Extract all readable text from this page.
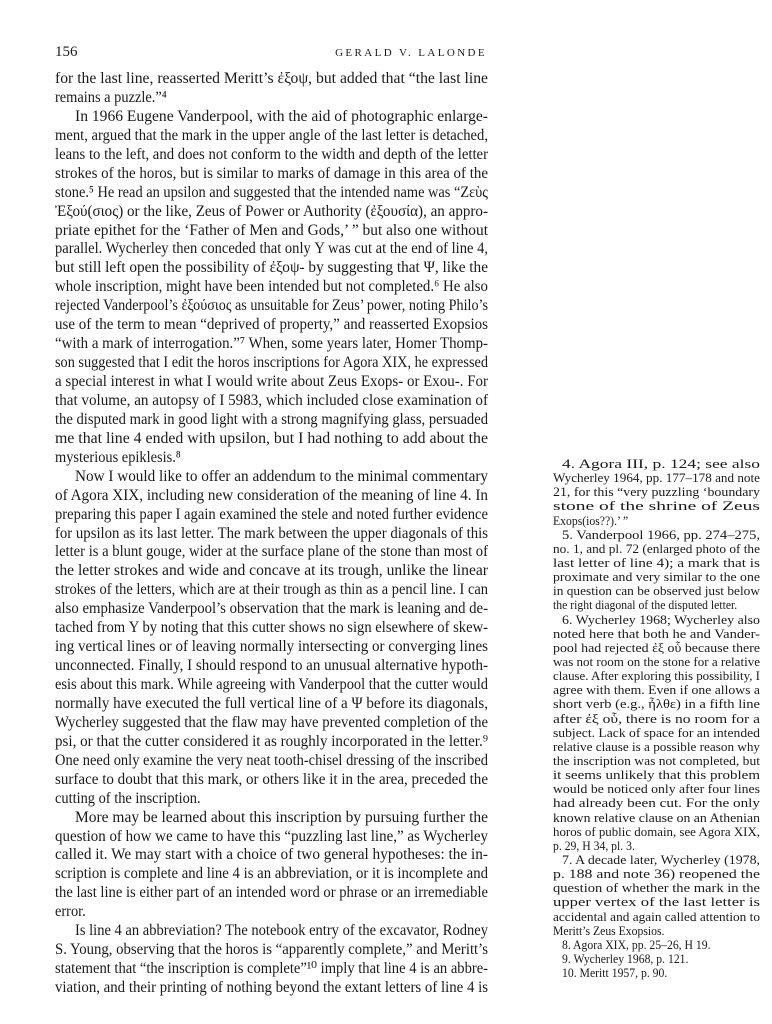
156	GERALD V. LALONDE
for the last line, reasserted Meritt’s ἐξοψ, but added that “the last line
remains a puzzle.”⁴
In 1966 Eugene Vanderpool, with the aid of photographic enlarge-
ment, argued that the mark in the upper angle of the last letter is detached,
leans to the left, and does not conform to the width and depth of the letter
strokes of the horos, but is similar to marks of damage in this area of the
stone.⁵ He read an upsilon and suggested that the intended name was “Ζεὺς
Ἐξού(σιος) or the like, Zeus of Power or Authority (ἐξουσία), an appro-
priate epithet for the ‘Father of Men and Gods,’ ” but also one without
parallel. Wycherley then conceded that only Υ was cut at the end of line 4,
but still left open the possibility of ἐξοψ- by suggesting that Ψ, like the
whole inscription, might have been intended but not completed.⁶ He also
rejected Vanderpool’s ἐξούσιος as unsuitable for Zeus’ power, noting Philo’s
use of the term to mean “deprived of property,” and reasserted Exopsios
“with a mark of interrogation.”⁷ When, some years later, Homer Thomp-
son suggested that I edit the horos inscriptions for Agora XIX, he expressed
a special interest in what I would write about Zeus Exops- or Exou-. For
that volume, an autopsy of I 5983, which included close examination of
the disputed mark in good light with a strong magnifying glass, persuaded
me that line 4 ended with upsilon, but I had nothing to add about the
mysterious epiklesis.⁸
Now I would like to offer an addendum to the minimal commentary
of Agora XIX, including new consideration of the meaning of line 4. In
preparing this paper I again examined the stele and noted further evidence
for upsilon as its last letter. The mark between the upper diagonals of this
letter is a blunt gouge, wider at the surface plane of the stone than most of
the letter strokes and wide and concave at its trough, unlike the linear
strokes of the letters, which are at their trough as thin as a pencil line. I can
also emphasize Vanderpool’s observation that the mark is leaning and de-
tached from Υ by noting that this cutter shows no sign elsewhere of skew-
ing vertical lines or of leaving normally intersecting or converging lines
unconnected. Finally, I should respond to an unusual alternative hypoth-
esis about this mark. While agreeing with Vanderpool that the cutter would
normally have executed the full vertical line of a Ψ before its diagonals,
Wycherley suggested that the flaw may have prevented completion of the
psi, or that the cutter considered it as roughly incorporated in the letter.⁹
One need only examine the very neat tooth-chisel dressing of the inscribed
surface to doubt that this mark, or others like it in the area, preceded the
cutting of the inscription.
More may be learned about this inscription by pursuing further the
question of how we came to have this “puzzling last line,” as Wycherley
called it. We may start with a choice of two general hypotheses: the in-
scription is complete and line 4 is an abbreviation, or it is incomplete and
the last line is either part of an intended word or phrase or an irremediable
error.
Is line 4 an abbreviation? The notebook entry of the excavator, Rodney
S. Young, observing that the horos is “apparently complete,” and Meritt’s
statement that “the inscription is complete”¹⁰ imply that line 4 is an abbre-
viation, and their printing of nothing beyond the extant letters of line 4 is
4. Agora III, p. 124; see also
Wycherley 1964, pp. 177–178 and note
21, for this “very puzzling ‘boundary
stone of the shrine of Zeus
Exops(ios??).’ ”
5. Vanderpool 1966, pp. 274–275,
no. 1, and pl. 72 (enlarged photo of the
last letter of line 4); a mark that is
proximate and very similar to the one
in question can be observed just below
the right diagonal of the disputed letter.
6. Wycherley 1968; Wycherley also
noted here that both he and Vander-
pool had rejected ἐξ οὗ because there
was not room on the stone for a relative
clause. After exploring this possibility, I
agree with them. Even if one allows a
short verb (e.g., ἦλθε) in a fifth line
after ἐξ οὗ, there is no room for a
subject. Lack of space for an intended
relative clause is a possible reason why
the inscription was not completed, but
it seems unlikely that this problem
would be noticed only after four lines
had already been cut. For the only
known relative clause on an Athenian
horos of public domain, see Agora XIX,
p. 29, H 34, pl. 3.
7. A decade later, Wycherley (1978,
p. 188 and note 36) reopened the
question of whether the mark in the
upper vertex of the last letter is
accidental and again called attention to
Meritt’s Zeus Exopsios.
8. Agora XIX, pp. 25–26, H 19.
9. Wycherley 1968, p. 121.
10. Meritt 1957, p. 90.
